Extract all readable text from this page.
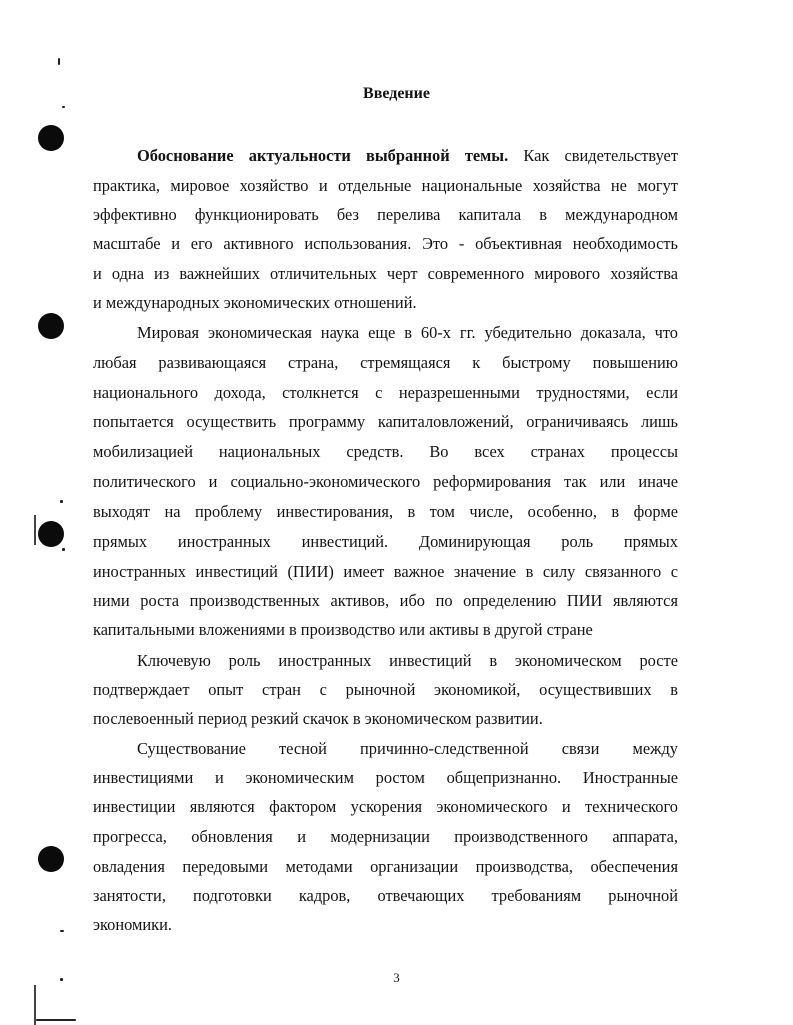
Введение
Обоснование актуальности выбранной темы. Как свидетельствует
практика, мировое хозяйство и отдельные национальные хозяйства не могут
эффективно функционировать без перелива капитала в международном
масштабе и его активного использования. Это - объективная необходимость
и одна из важнейших отличительных черт современного мирового хозяйства
и международных экономических отношений.
Мировая экономическая наука еще в 60-х гг. убедительно доказала, что
любая развивающаяся страна, стремящаяся к быстрому повышению
национального дохода, столкнется с неразрешенными трудностями, если
попытается осуществить программу капиталовложений, ограничиваясь лишь
мобилизацией национальных средств. Во всех странах процессы
политического и социально-экономического реформирования так или иначе
выходят на проблему инвестирования, в том числе, особенно, в форме
прямых иностранных инвестиций. Доминирующая роль прямых
иностранных инвестиций (ПИИ) имеет важное значение в силу связанного с
ними роста производственных активов, ибо по определению ПИИ являются
капитальными вложениями в производство или активы в другой стране
Ключевую роль иностранных инвестиций в экономическом росте
подтверждает опыт стран с рыночной экономикой, осуществивших в
послевоенный период резкий скачок в экономическом развитии.
Существование тесной причинно-следственной связи между
инвестициями и экономическим ростом общепризнанно. Иностранные
инвестиции являются фактором ускорения экономического и технического
прогресса, обновления и модернизации производственного аппарата,
овладения передовыми методами организации производства, обеспечения
занятости, подготовки кадров, отвечающих требованиям рыночной
экономики.
3
